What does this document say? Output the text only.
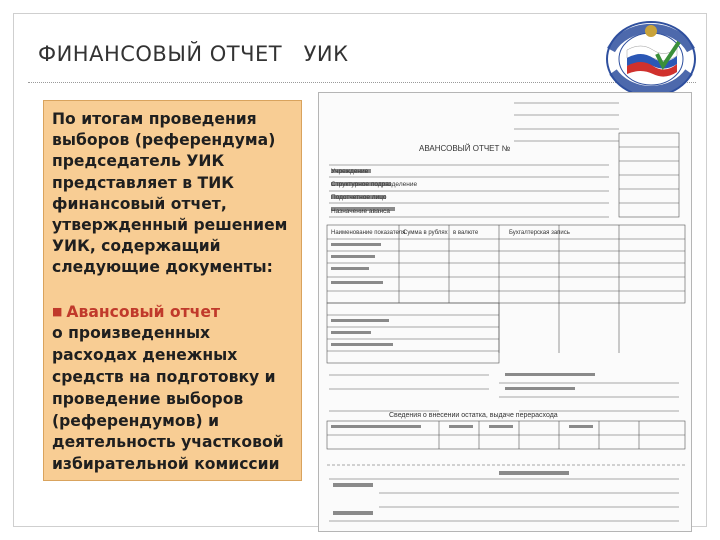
ФИНАНСОВЫЙ ОТЧЕТ   УИК
По итогам проведения
выборов (референдума)
председатель УИК
представляет в ТИК
финансовый отчет,
утвержденный решением
УИК, содержащий
следующие документы:
■ Авансовый отчет
о произведенных
расходах денежных
средств на подготовку и
проведение выборов
(референдумов) и
деятельность участковой
избирательной комиссии
АВАНСОВЫЙ ОТЧЕТ №
Учреждение
Структурное подразделение
Подотчетное лицо
Назначение аванса
Наименование показателя
Сумма в рублях в валюте	Бухгалтерская запись
Сведения о внесении остатка, выдаче перерасхода
